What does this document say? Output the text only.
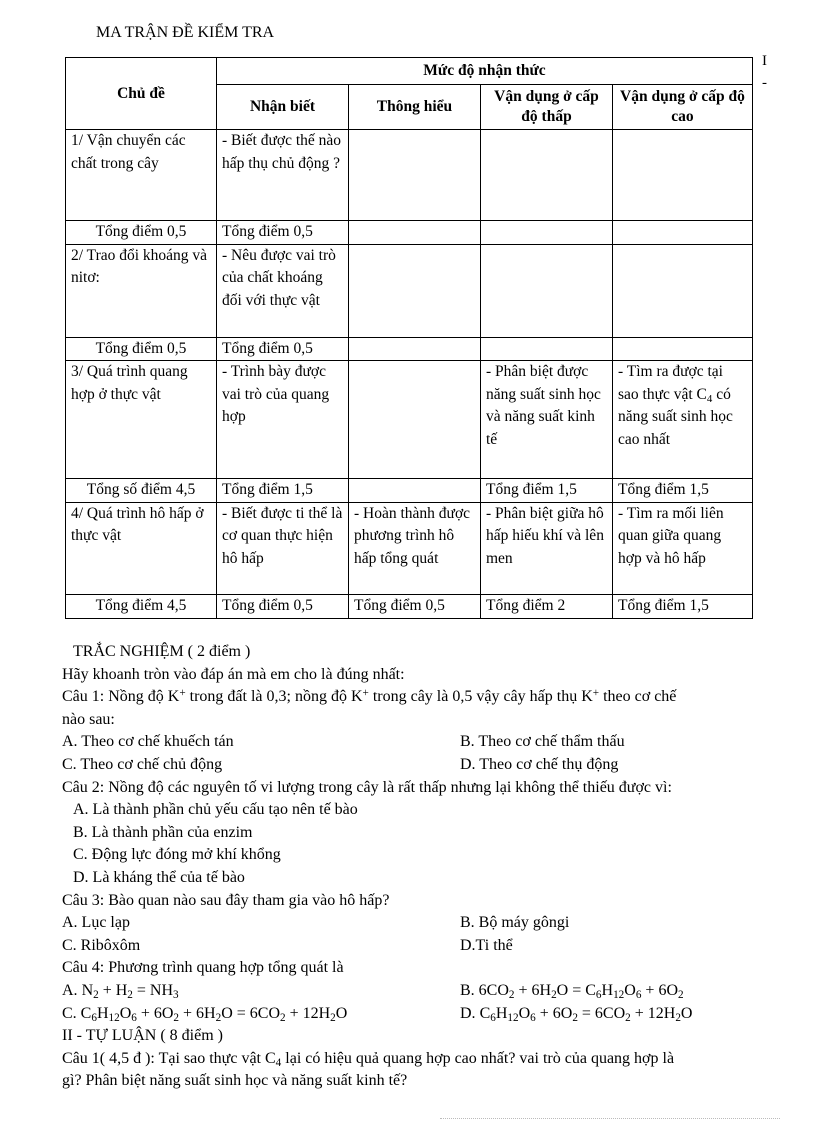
MA TRẬN ĐỀ KIỂM TRA
I -
Chủ đề	Mức độ nhận thức			
	Nhận biết	Thông hiểu	Vận dụng ở cấp độ thấp	Vận dụng ở cấp độ cao
1/ Vận chuyển các chất trong cây	- Biết được thế nào hấp thụ chủ động ?			
Tổng điểm 0,5	Tổng điểm 0,5			
2/ Trao đổi khoáng và nitơ:	- Nêu được vai trò của chất khoáng đối với thực vật			
Tổng điểm 0,5	Tổng điểm 0,5			
3/ Quá trình quang hợp ở thực vật	- Trình bày được vai trò của quang hợp		- Phân biệt được năng suất sinh học và năng suất kinh tế	- Tìm ra được tại sao thực vật $C_4$ có năng suất sinh học cao nhất
Tổng số điểm 4,5	Tổng điểm 1,5		Tổng điểm 1,5	Tổng điểm 1,5
4/ Quá trình hô hấp ở thực vật	- Biết được ti thể là cơ quan thực hiện hô hấp	- Hoàn thành được phương trình hô hấp tổng quát	- Phân biệt giữa hô hấp hiếu khí và lên men	- Tìm ra mối liên quan giữa quang hợp và hô hấp
Tổng điểm 4,5	Tổng điểm 0,5	Tổng điểm 0,5	Tổng điểm 2	Tổng điểm 1,5
TRẮC NGHIỆM ( 2 điểm )
Hãy khoanh tròn vào đáp án mà em cho là đúng nhất:
Câu 1: Nồng độ K+ trong đất là 0,3; nồng độ K+ trong cây là 0,5 vậy cây hấp thụ K+ theo cơ chế
nào sau:
A. Theo cơ chế khuếch tán	B. Theo cơ chế thẩm thấu
C. Theo cơ chế chủ động	D. Theo cơ chế thụ động
Câu 2: Nồng độ các nguyên tố vi lượng trong cây là rất thấp nhưng lại không thể thiếu được vì:
A. Là thành phần chủ yếu cấu tạo nên tế bào
B. Là thành phần của enzim
C. Động lực đóng mở khí khổng
D. Là kháng thể của tế bào
Câu 3: Bào quan nào sau đây tham gia vào hô hấp?
A. Lục lạp	B. Bộ máy gôngi
C. Ribôxôm	D.Ti thể
Câu 4: Phương trình quang hợp tổng quát là
A. $N_2 + H_2 = NH_3$	B. $6CO_2 + 6H_2O = C_6H_{12}O_6 + 6O_2$
C. $C_6H_{12}O_6 + 6O_2 + 6H_2O = 6CO_2 + 12H_2O$	D. $C_6H_{12}O_6 + 6O_2 = 6CO_2 + 12H_2O$
II - TỰ LUẬN ( 8 điểm )
Câu 1( 4,5 đ ): Tại sao thực vật $C_4$ lại có hiệu quả quang hợp cao nhất? vai trò của quang hợp là
gì? Phân biệt năng suất sinh học và năng suất kinh tế?
